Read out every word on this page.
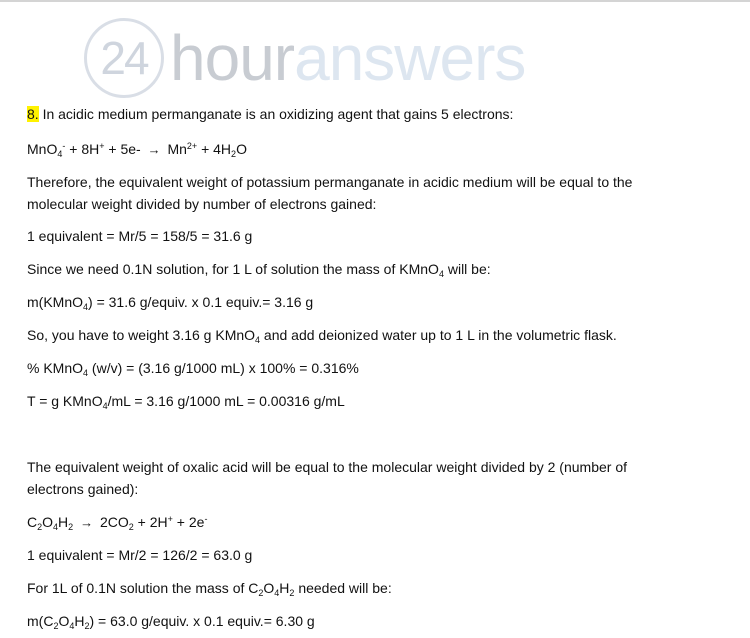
24 hour answers
8. In acidic medium permanganate is an oxidizing agent that gains 5 electrons:
$MnO_4^- + 8H^+ + 5e- \to Mn^{2+} + 4H_2O$
Therefore, the equivalent weight of potassium permanganate in acidic medium will be equal to the
molecular weight divided by number of electrons gained:
1 equivalent = Mr/5 = 158/5 = 31.6 g
Since we need 0.1N solution, for 1 L of solution the mass of KMnO$_4$ will be:
m(KMnO$_4$) = 31.6 g/equiv. x 0.1 equiv.= 3.16 g
So, you have to weight 3.16 g KMnO$_4$ and add deionized water up to 1 L in the volumetric flask.
% KMnO$_4$ (w/v) = (3.16 g/1000 mL) x 100% = 0.316%
T = g KMnO$_4$/mL = 3.16 g/1000 mL = 0.00316 g/mL
The equivalent weight of oxalic acid will be equal to the molecular weight divided by 2 (number of
electrons gained):
$C_2O_4H_2 \to 2CO_2 + 2H^+ + 2e^-$
1 equivalent = Mr/2 = 126/2 = 63.0 g
For 1L of 0.1N solution the mass of $C_2O_4H_2$ needed will be:
$m(C_2O_4H_2) = 63.0$ g/equiv. x 0.1 equiv.= 6.30 g
